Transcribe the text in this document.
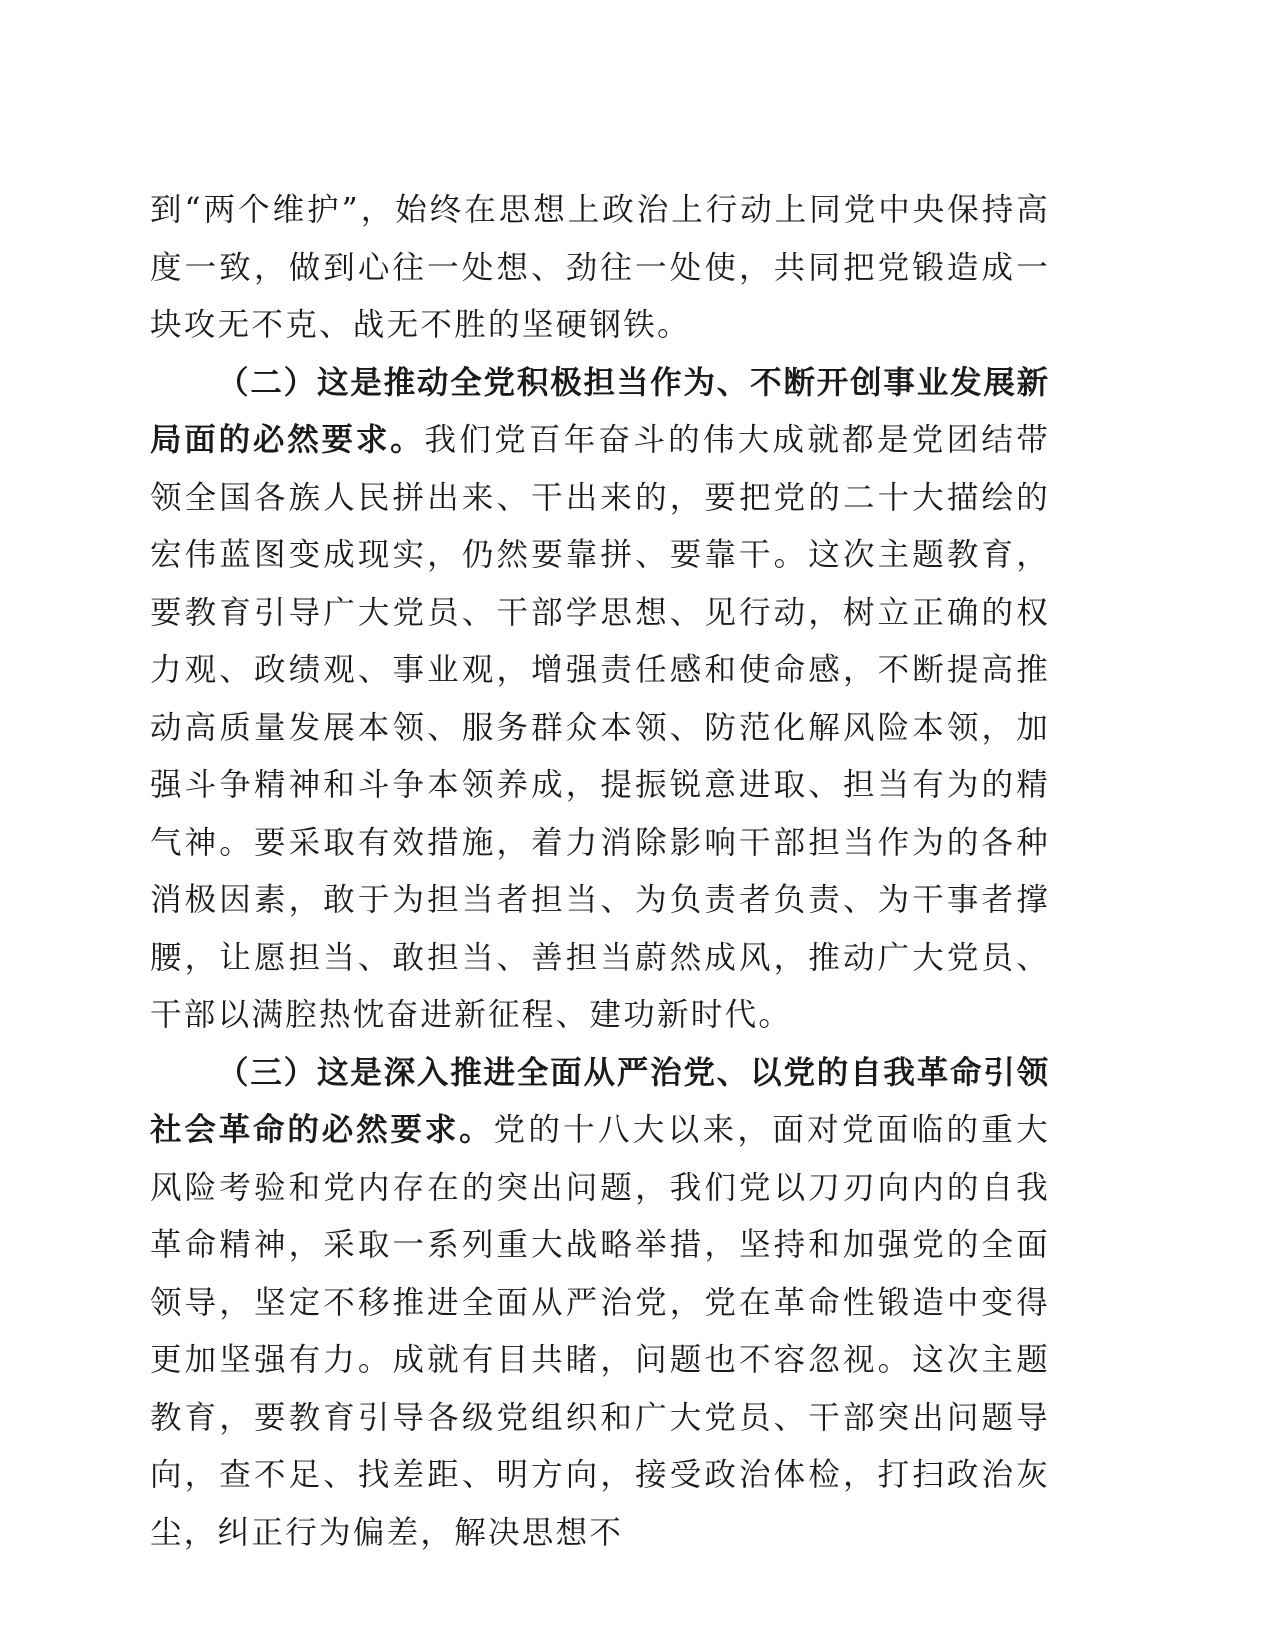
到“两个维护”，始终在思想上政治上行动上同党中央保持高度一致，做到心往一处想、劲往一处使，共同把党锻造成一块攻无不克、战无不胜的坚硬钢铁。

（二）这是推动全党积极担当作为、不断开创事业发展新局面的必然要求。我们党百年奋斗的伟大成就都是党团结带领全国各族人民拼出来、干出来的，要把党的二十大描绘的宏伟蓝图变成现实，仍然要靠拼、要靠干。这次主题教育，要教育引导广大党员、干部学思想、见行动，树立正确的权力观、政绩观、事业观，增强责任感和使命感，不断提高推动高质量发展本领、服务群众本领、防范化解风险本领，加强斗争精神和斗争本领养成，提振锐意进取、担当有为的精气神。要采取有效措施，着力消除影响干部担当作为的各种消极因素，敢于为担当者担当、为负责者负责、为干事者撑腰，让愿担当、敢担当、善担当蔚然成风，推动广大党员、干部以满腔热忱奋进新征程、建功新时代。

（三）这是深入推进全面从严治党、以党的自我革命引领社会革命的必然要求。党的十八大以来，面对党面临的重大风险考验和党内存在的突出问题，我们党以刀刃向内的自我革命精神，采取一系列重大战略举措，坚持和加强党的全面领导，坚定不移推进全面从严治党，党在革命性锻造中变得更加坚强有力。成就有目共睹，问题也不容忽视。这次主题教育，要教育引导各级党组织和广大党员、干部突出问题导向，查不足、找差距、明方向，接受政治体检，打扫政治灰尘，纠正行为偏差，解决思想不
